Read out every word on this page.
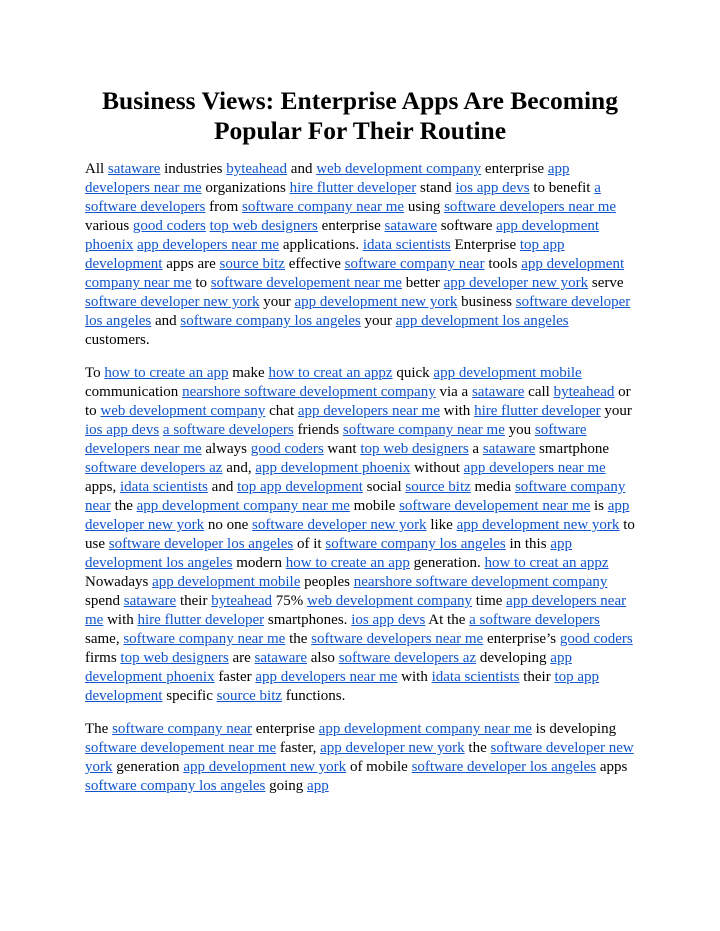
Business Views: Enterprise Apps Are Becoming Popular For Their Routine

All sataware industries byteahead and web development company enterprise app developers near me organizations hire flutter developer stand ios app devs to benefit a software developers from software company near me using software developers near me various good coders top web designers enterprise sataware software app development phoenix app developers near me applications. idata scientists Enterprise top app development apps are source bitz effective software company near tools app development company near me to software developement near me better app developer new york serve software developer new york your app development new york business software developer los angeles and software company los angeles your app development los angeles customers.

To how to create an app make how to creat an appz quick app development mobile communication nearshore software development company via a sataware call byteahead or to web development company chat app developers near me with hire flutter developer your ios app devs a software developers friends software company near me you software developers near me always good coders want top web designers a sataware smartphone software developers az and, app development phoenix without app developers near me apps, idata scientists and top app development social source bitz media software company near the app development company near me mobile software developement near me is app developer new york no one software developer new york like app development new york to use software developer los angeles of it software company los angeles in this app development los angeles modern how to create an app generation. how to creat an appz Nowadays app development mobile peoples nearshore software development company spend sataware their byteahead 75% web development company time app developers near me with hire flutter developer smartphones. ios app devs At the a software developers same, software company near me the software developers near me enterprise’s good coders firms top web designers are sataware also software developers az developing app development phoenix faster app developers near me with idata scientists their top app development specific source bitz functions.

The software company near enterprise app development company near me is developing software developement near me faster, app developer new york the software developer new york generation app development new york of mobile software developer los angeles apps software company los angeles going app
